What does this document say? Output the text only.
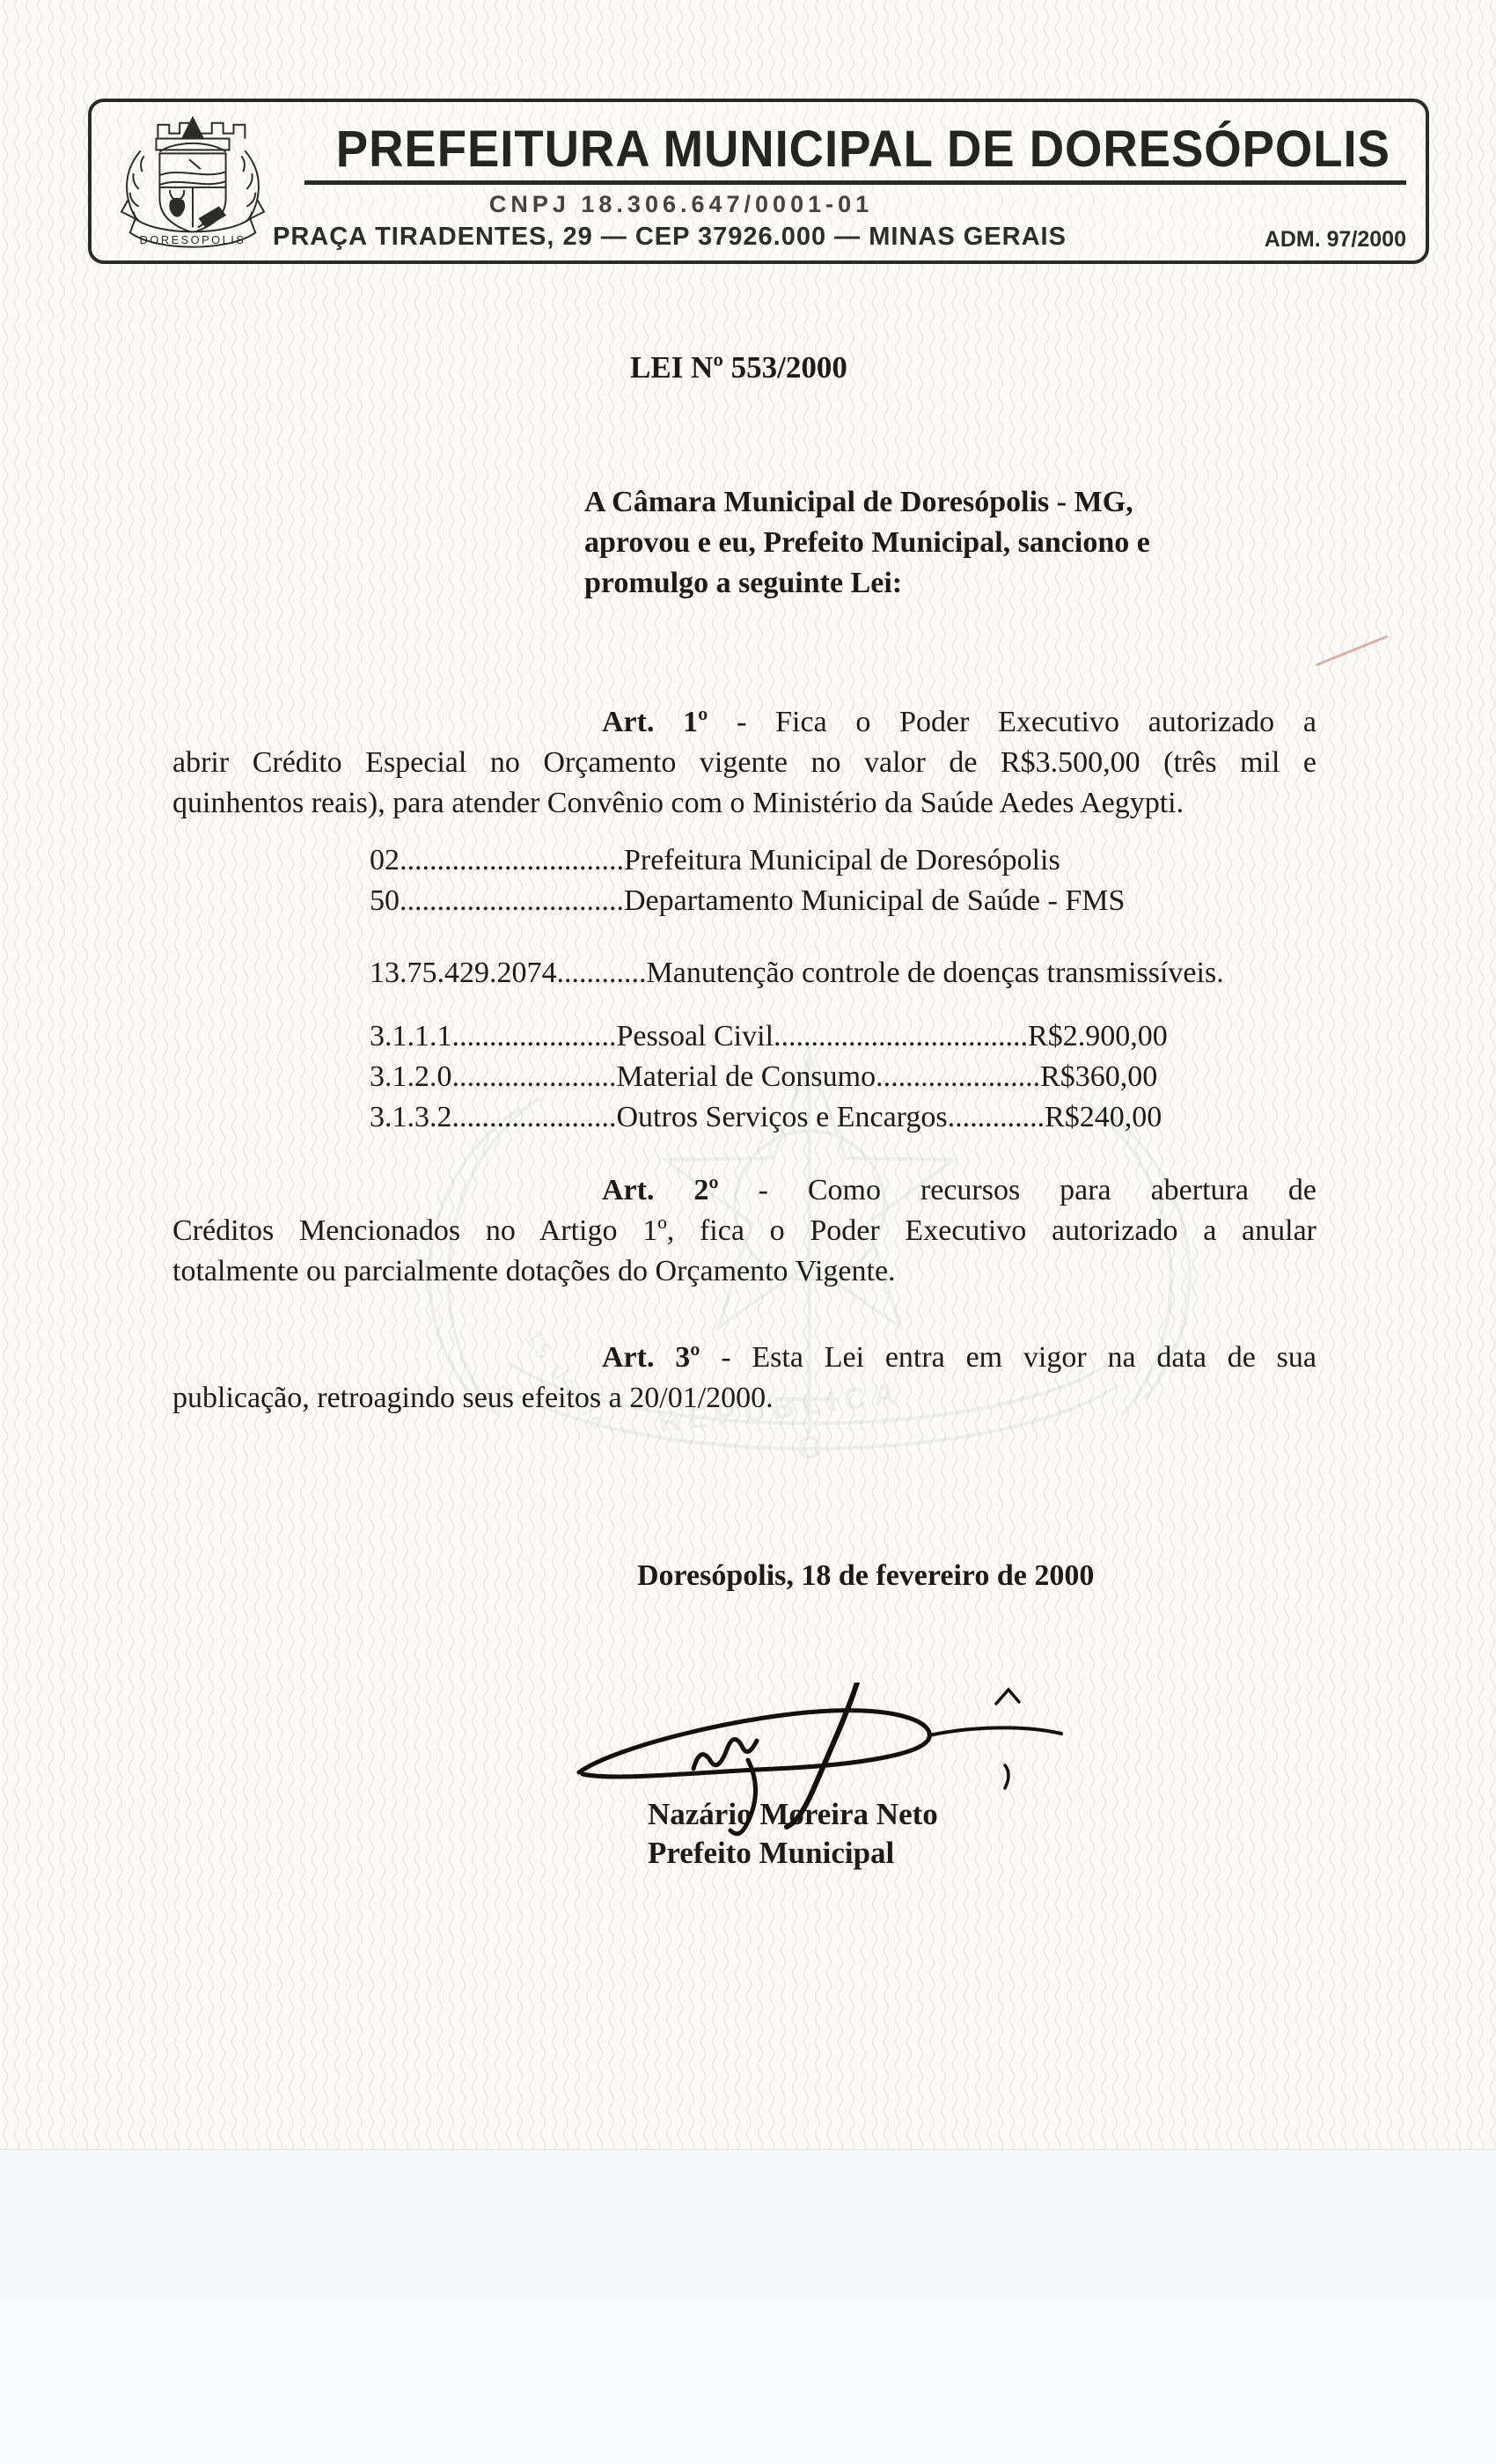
REPUBLICA
15 de No
DORESOPOLIS
PREFEITURA MUNICIPAL DE DORESÓPOLIS
CNPJ 18.306.647/0001-01
PRAÇA TIRADENTES, 29 — CEP 37926.000 — MINAS GERAIS	ADM. 97/2000
LEI Nº 553/2000
A Câmara Municipal de Doresópolis - MG,
aprovou e eu, Prefeito Municipal, sanciono e
promulgo a seguinte Lei:

Art. 1º - Fica o Poder Executivo autorizado a

abrir Crédito Especial no Orçamento vigente no valor de R$3.500,00 (três mil e

quinhentos reais), para atender Convênio com o Ministério da Saúde Aedes Aegypti.

02..............................Prefeitura Municipal de Doresópolis

50..............................Departamento Municipal de Saúde - FMS

13.75.429.2074............Manutenção controle de doenças transmissíveis.

3.1.1.1......................Pessoal Civil..................................R$2.900,00

3.1.2.0......................Material de Consumo......................R$360,00

3.1.3.2......................Outros Serviços e Encargos.............R$240,00

Art. 2º - Como recursos para abertura de

Créditos Mencionados no Artigo 1º, fica o Poder Executivo autorizado a anular

totalmente ou parcialmente dotações do Orçamento Vigente.

Art. 3º - Esta Lei entra em vigor na data de sua

publicação, retroagindo seus efeitos a 20/01/2000.

Doresópolis, 18 de fevereiro de 2000
Nazário Moreira Neto
Prefeito Municipal
